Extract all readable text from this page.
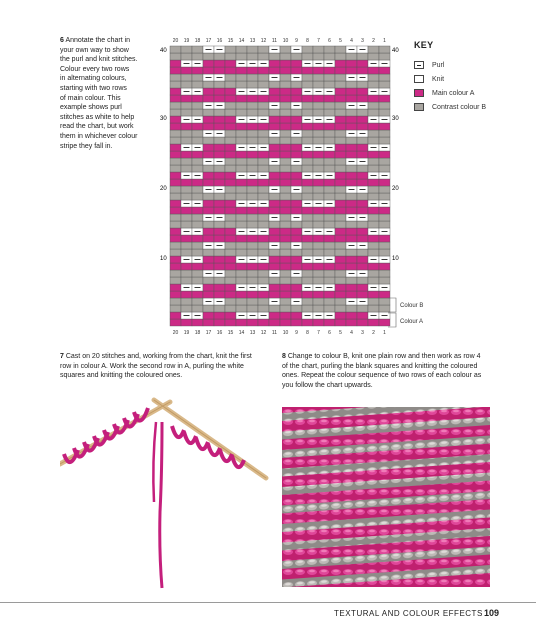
6 Annotate the chart in
your own way to show
the purl and knit stitches.
Colour every two rows
in alternating colours,
starting with two rows
of main colour. This
example shows purl
stitches as white to help
read the chart, but work
them in whichever colour
stripe they fall in.
20 19 18 17 16 15 14 13 12 11 10 9 8 7 6 5 4 3 2 1
20 19 18 17 16 15 14 13 12 11 10 9 8 7 6 5 4 3 2 1
40	40
30	30
20	20
10	10
Colour B
Colour A
KEY
Purl
Knit
Main colour A
Contrast colour B
7 Cast on 20 stitches and, working from the chart, knit the first
row in colour A. Work the second row in A, purling the white
squares and knitting the coloured ones.
8 Change to colour B, knit one plain row and then work as row 4
of the chart, purling the blank squares and knitting the coloured
ones. Repeat the colour sequence of two rows of each colour as
you follow the chart upwards.
TEXTURAL AND COLOUR EFFECTS 109
